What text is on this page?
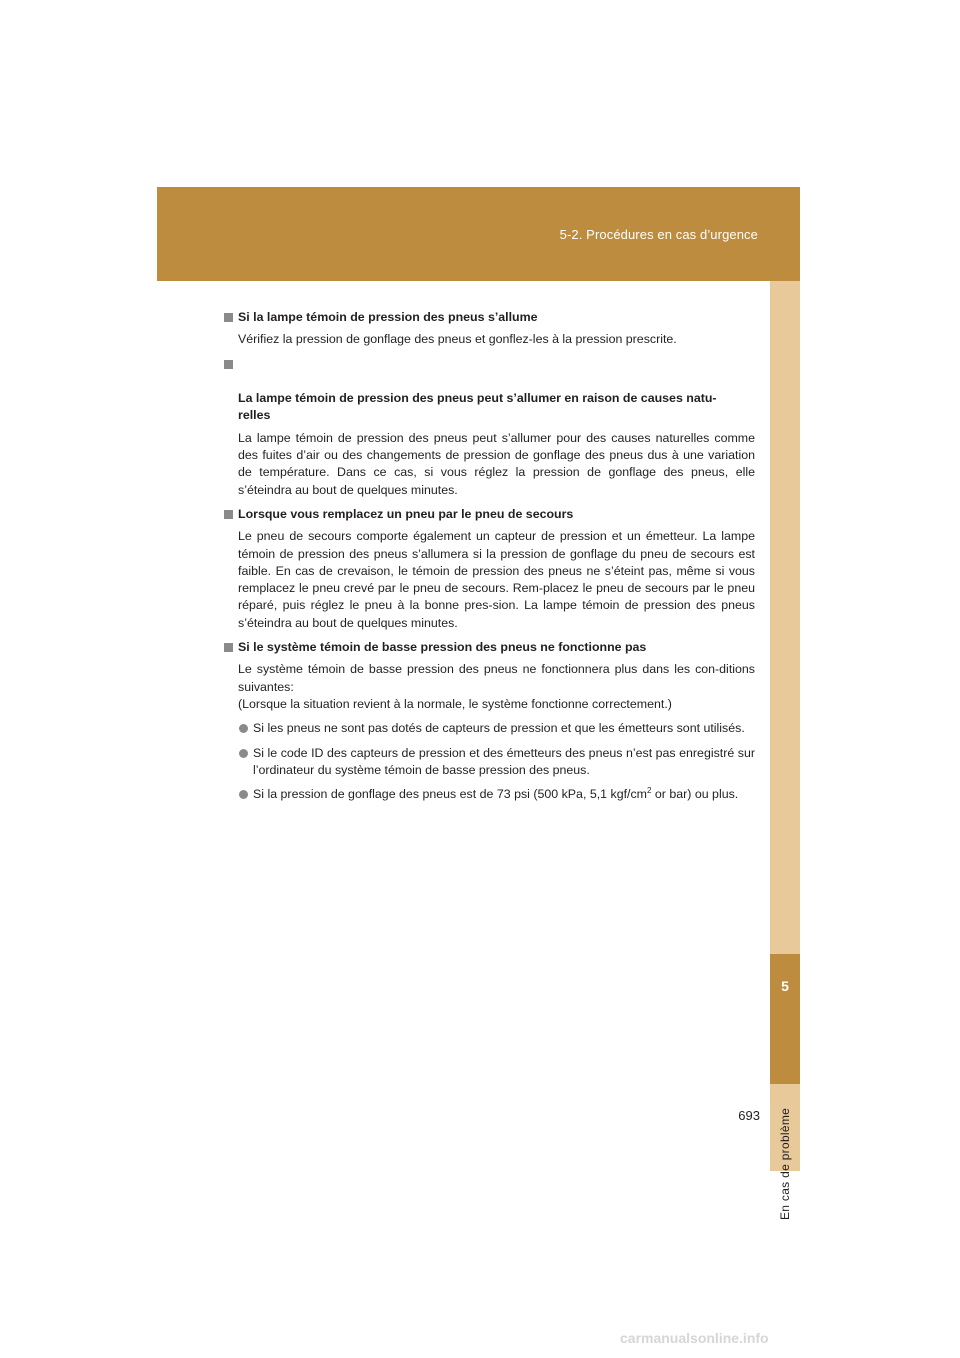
5-2. Procédures en cas d’urgence
5
En cas de problème
Si la lampe témoin de pression des pneus s’allume
Vérifiez la pression de gonflage des pneus et gonflez-les à la pression prescrite.

La lampe témoin de pression des pneus peut s’allumer en raison de causes natu-
relles

La lampe témoin de pression des pneus peut s’allumer pour des causes naturelles comme des fuites d’air ou des changements de pression de gonflage des pneus dus à une variation de température. Dans ce cas, si vous réglez la pression de gonflage des pneus, elle s’éteindra au bout de quelques minutes.
Lorsque vous remplacez un pneu par le pneu de secours
Le pneu de secours comporte également un capteur de pression et un émetteur. La lampe témoin de pression des pneus s’allumera si la pression de gonflage du pneu de secours est faible. En cas de crevaison, le témoin de pression des pneus ne s’éteint pas, même si vous remplacez le pneu crevé par le pneu de secours. Rem-placez le pneu de secours par le pneu réparé, puis réglez le pneu à la bonne pres-sion. La lampe témoin de pression des pneus s’éteindra au bout de quelques minutes.
Si le système témoin de basse pression des pneus ne fonctionne pas
Le système témoin de basse pression des pneus ne fonctionnera plus dans les con-ditions suivantes:
(Lorsque la situation revient à la normale, le système fonctionne correctement.)
Si les pneus ne sont pas dotés de capteurs de pression et que les émetteurs sont utilisés.
Si le code ID des capteurs de pression et des émetteurs des pneus n’est pas enregistré sur l’ordinateur du système témoin de basse pression des pneus.
Si la pression de gonflage des pneus est de 73 psi (500 kPa, 5,1 kgf/$cm^2$ or bar) ou plus.
693
carmanualsonline.info
